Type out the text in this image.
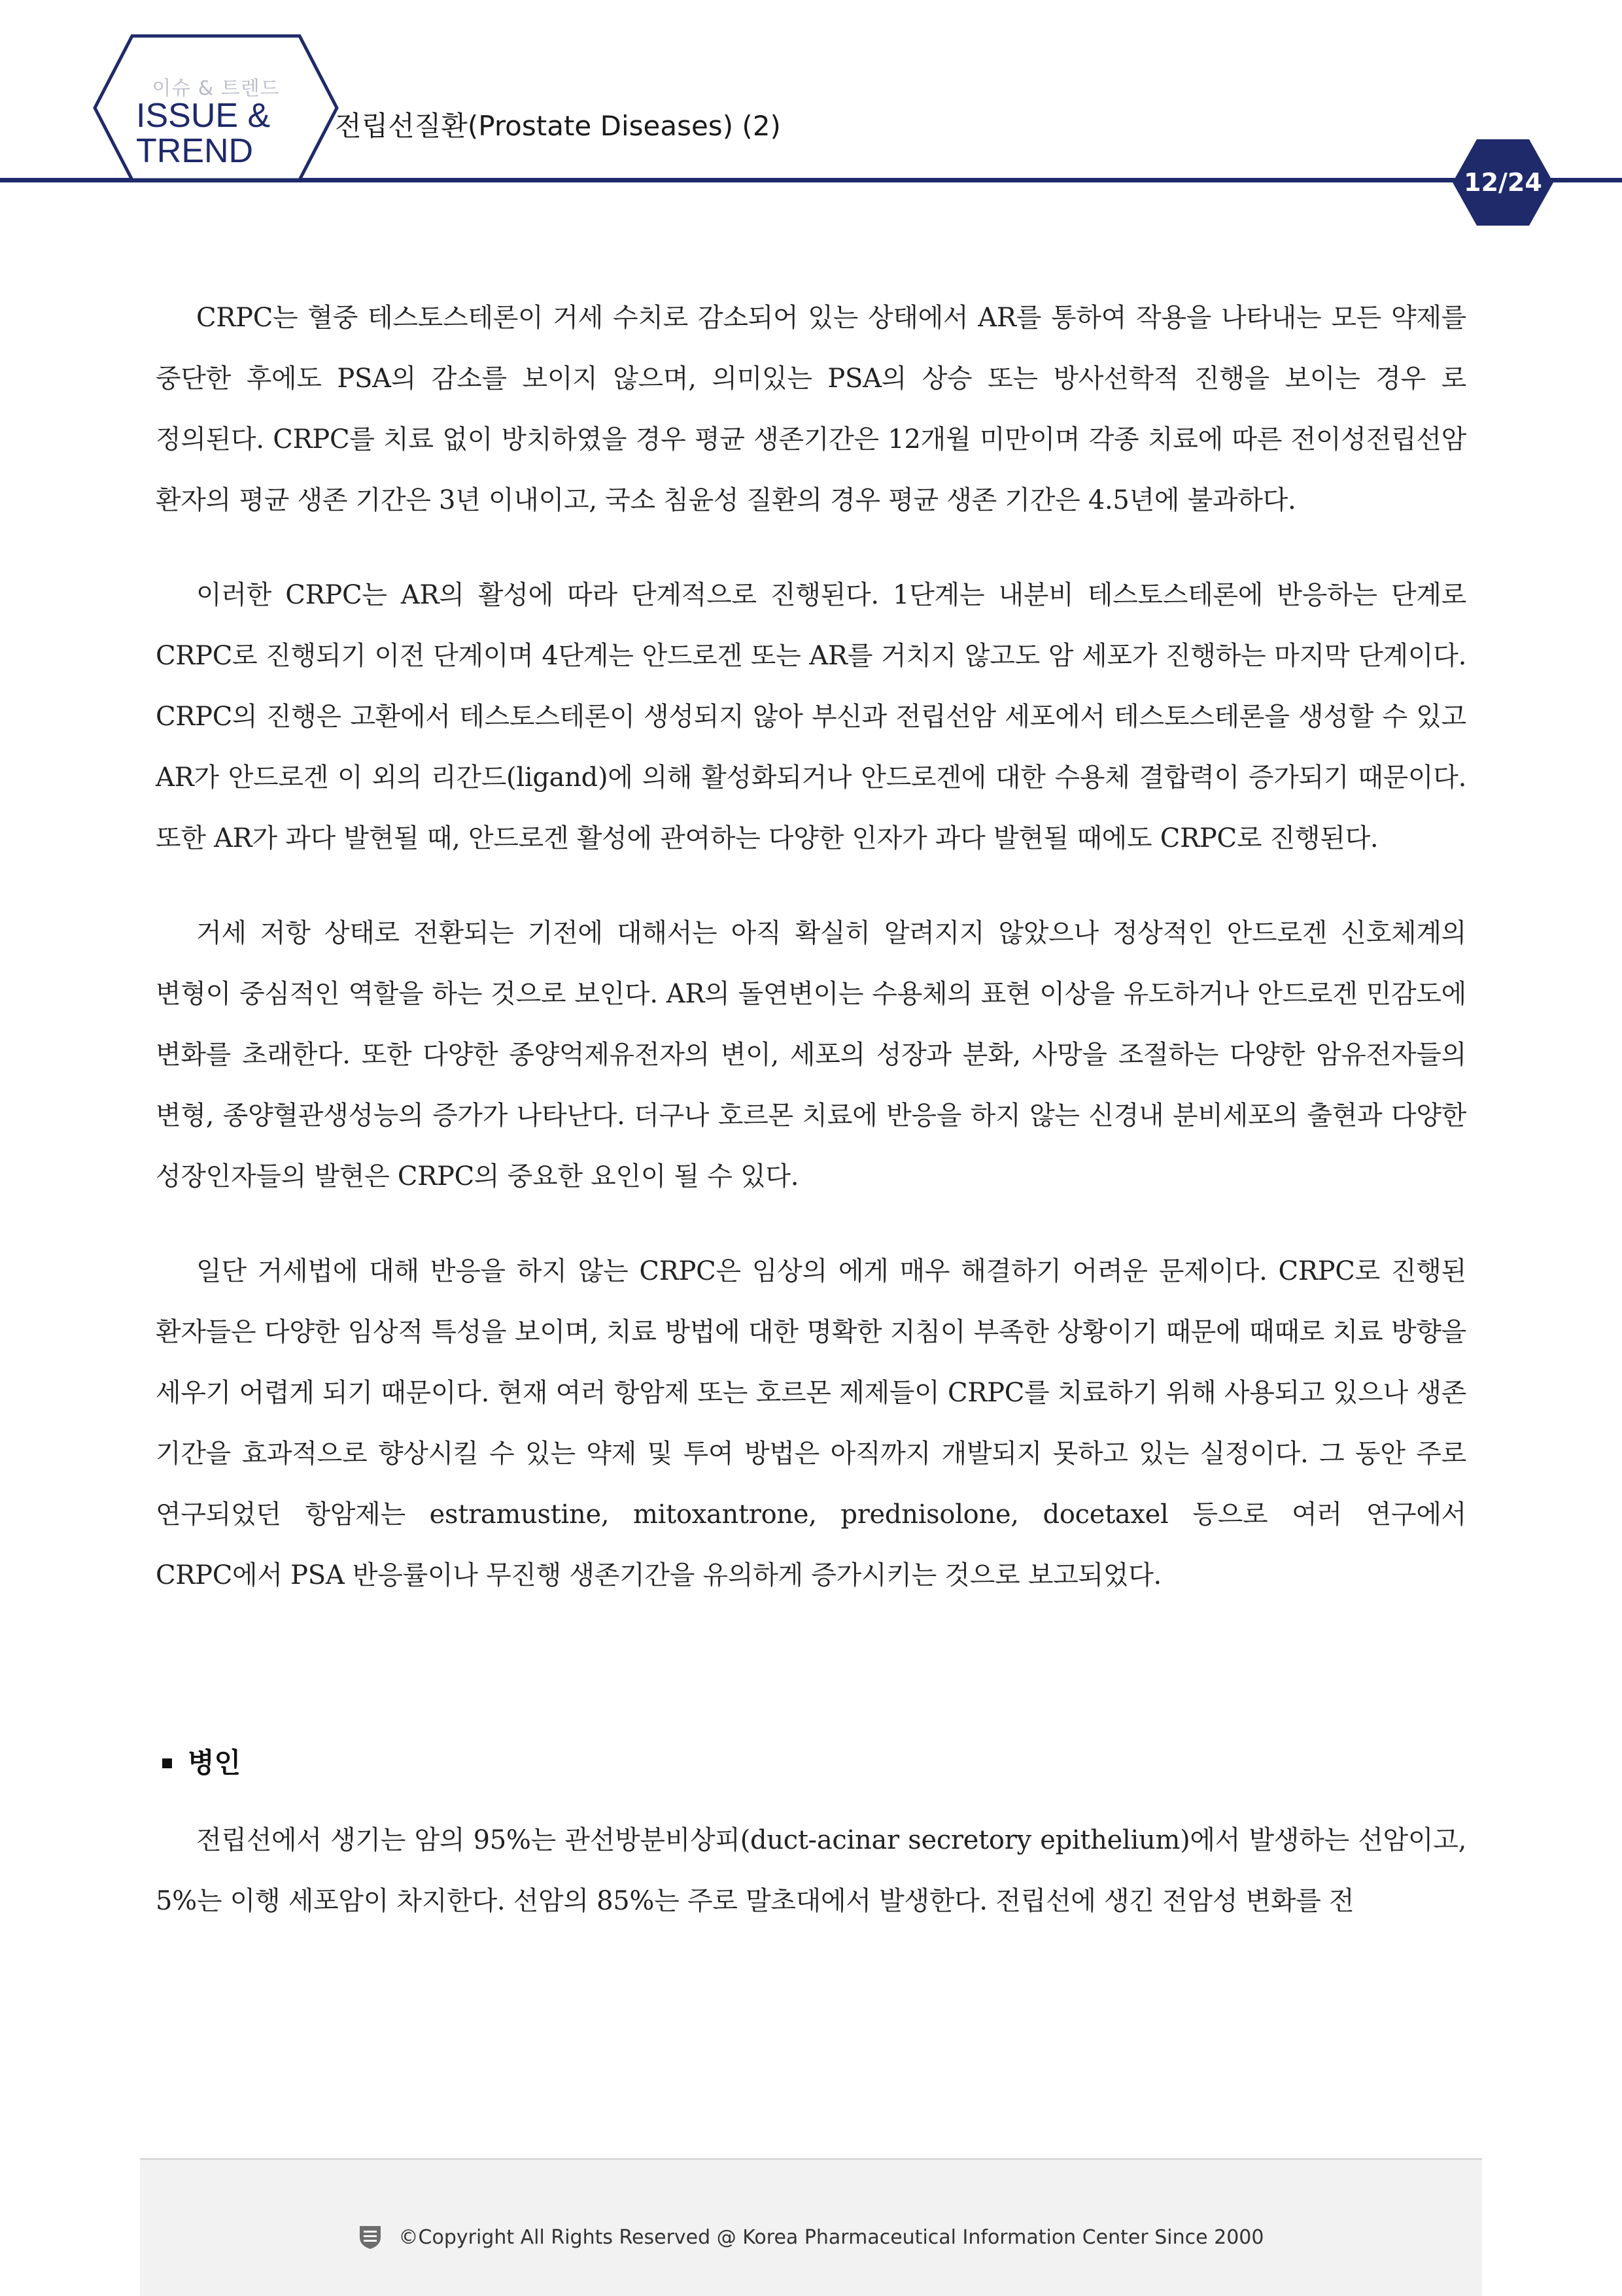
이슈 & 트렌드
ISSUE &
TREND
전립선질환(Prostate Diseases) (2)
12/24

CRPC는 혈중 테스토스테론이 거세 수치로 감소되어 있는 상태에서 AR를 통하여 작용을 나타내는 모든 약제를 중단한 후에도 PSA의 감소를 보이지 않으며, 의미있는 PSA의 상승 또는 방사선학적 진행을 보이는 경우 로 정의된다. CRPC를 치료 없이 방치하였을 경우 평균 생존기간은 12개월 미만이며 각종 치료에 따른 전이성전립선암 환자의 평균 생존 기간은 3년 이내이고, 국소 침윤성 질환의 경우 평균 생존 기간은 4.5년에 불과하다.

이러한 CRPC는 AR의 활성에 따라 단계적으로 진행된다. 1단계는 내분비 테스토스테론에 반응하는 단계로 CRPC로 진행되기 이전 단계이며 4단계는 안드로겐 또는 AR를 거치지 않고도 암 세포가 진행하는 마지막 단계이다. CRPC의 진행은 고환에서 테스토스테론이 생성되지 않아 부신과 전립선암 세포에서 테스토스테론을 생성할 수 있고 AR가 안드로겐 이 외의 리간드(ligand)에 의해 활성화되거나 안드로겐에 대한 수용체 결합력이 증가되기 때문이다. 또한 AR가 과다 발현될 때, 안드로겐 활성에 관여하는 다양한 인자가 과다 발현될 때에도 CRPC로 진행된다.

거세 저항 상태로 전환되는 기전에 대해서는 아직 확실히 알려지지 않았으나 정상적인 안드로겐 신호체계의 변형이 중심적인 역할을 하는 것으로 보인다. AR의 돌연변이는 수용체의 표현 이상을 유도하거나 안드로겐 민감도에 변화를 초래한다. 또한 다양한 종양억제유전자의 변이, 세포의 성장과 분화, 사망을 조절하는 다양한 암유전자들의 변형, 종양혈관생성능의 증가가 나타난다. 더구나 호르몬 치료에 반응을 하지 않는 신경내 분비세포의 출현과 다양한 성장인자들의 발현은 CRPC의 중요한 요인이 될 수 있다.

일단 거세법에 대해 반응을 하지 않는 CRPC은 임상의 에게 매우 해결하기 어려운 문제이다. CRPC로 진행된 환자들은 다양한 임상적 특성을 보이며, 치료 방법에 대한 명확한 지침이 부족한 상황이기 때문에 때때로 치료 방향을 세우기 어렵게 되기 때문이다. 현재 여러 항암제 또는 호르몬 제제들이 CRPC를 치료하기 위해 사용되고 있으나 생존 기간을 효과적으로 향상시킬 수 있는 약제 및 투여 방법은 아직까지 개발되지 못하고 있는 실정이다. 그 동안 주로 연구되었던 항암제는 estramustine, mitoxantrone, prednisolone, docetaxel 등으로 여러 연구에서 CRPC에서 PSA 반응률이나 무진행 생존기간을 유의하게 증가시키는 것으로 보고되었다.

병인

전립선에서 생기는 암의 95%는 관선방분비상피(duct-acinar secretory epithelium)에서 발생하는 선암이고, 5%는 이행 세포암이 차지한다. 선암의 85%는 주로 말초대에서 발생한다. 전립선에 생긴 전암성 변화를 전

©Copyright All Rights Reserved @ Korea Pharmaceutical Information Center Since 2000
